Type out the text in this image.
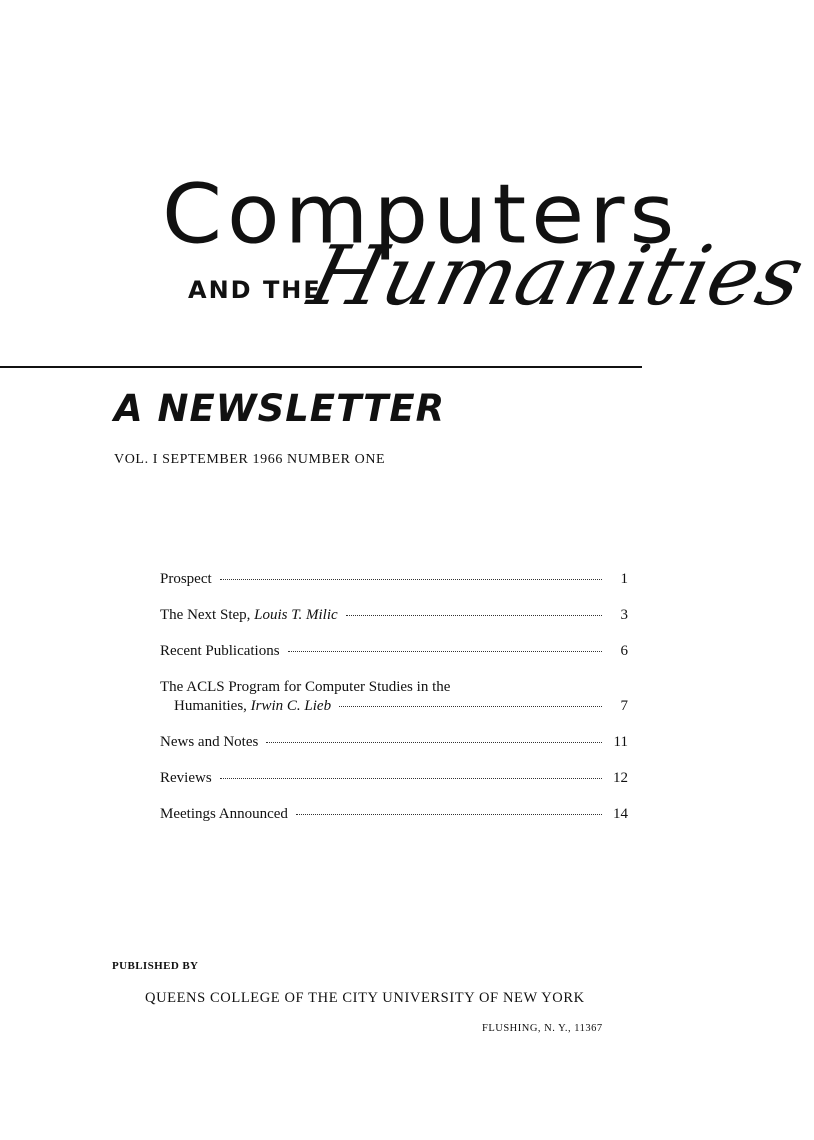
Computers
AND THE
Humanities
A NEWSLETTER
VOL. I SEPTEMBER 1966 NUMBER ONE
Prospect	1
The Next Step, Louis T. Milic	3
Recent Publications	6
The ACLS Program for Computer Studies in the
Humanities, Irwin C. Lieb	7
News and Notes	11
Reviews	12
Meetings Announced	14
PUBLISHED BY
QUEENS COLLEGE OF THE CITY UNIVERSITY OF NEW YORK
FLUSHING, N. Y., 11367
